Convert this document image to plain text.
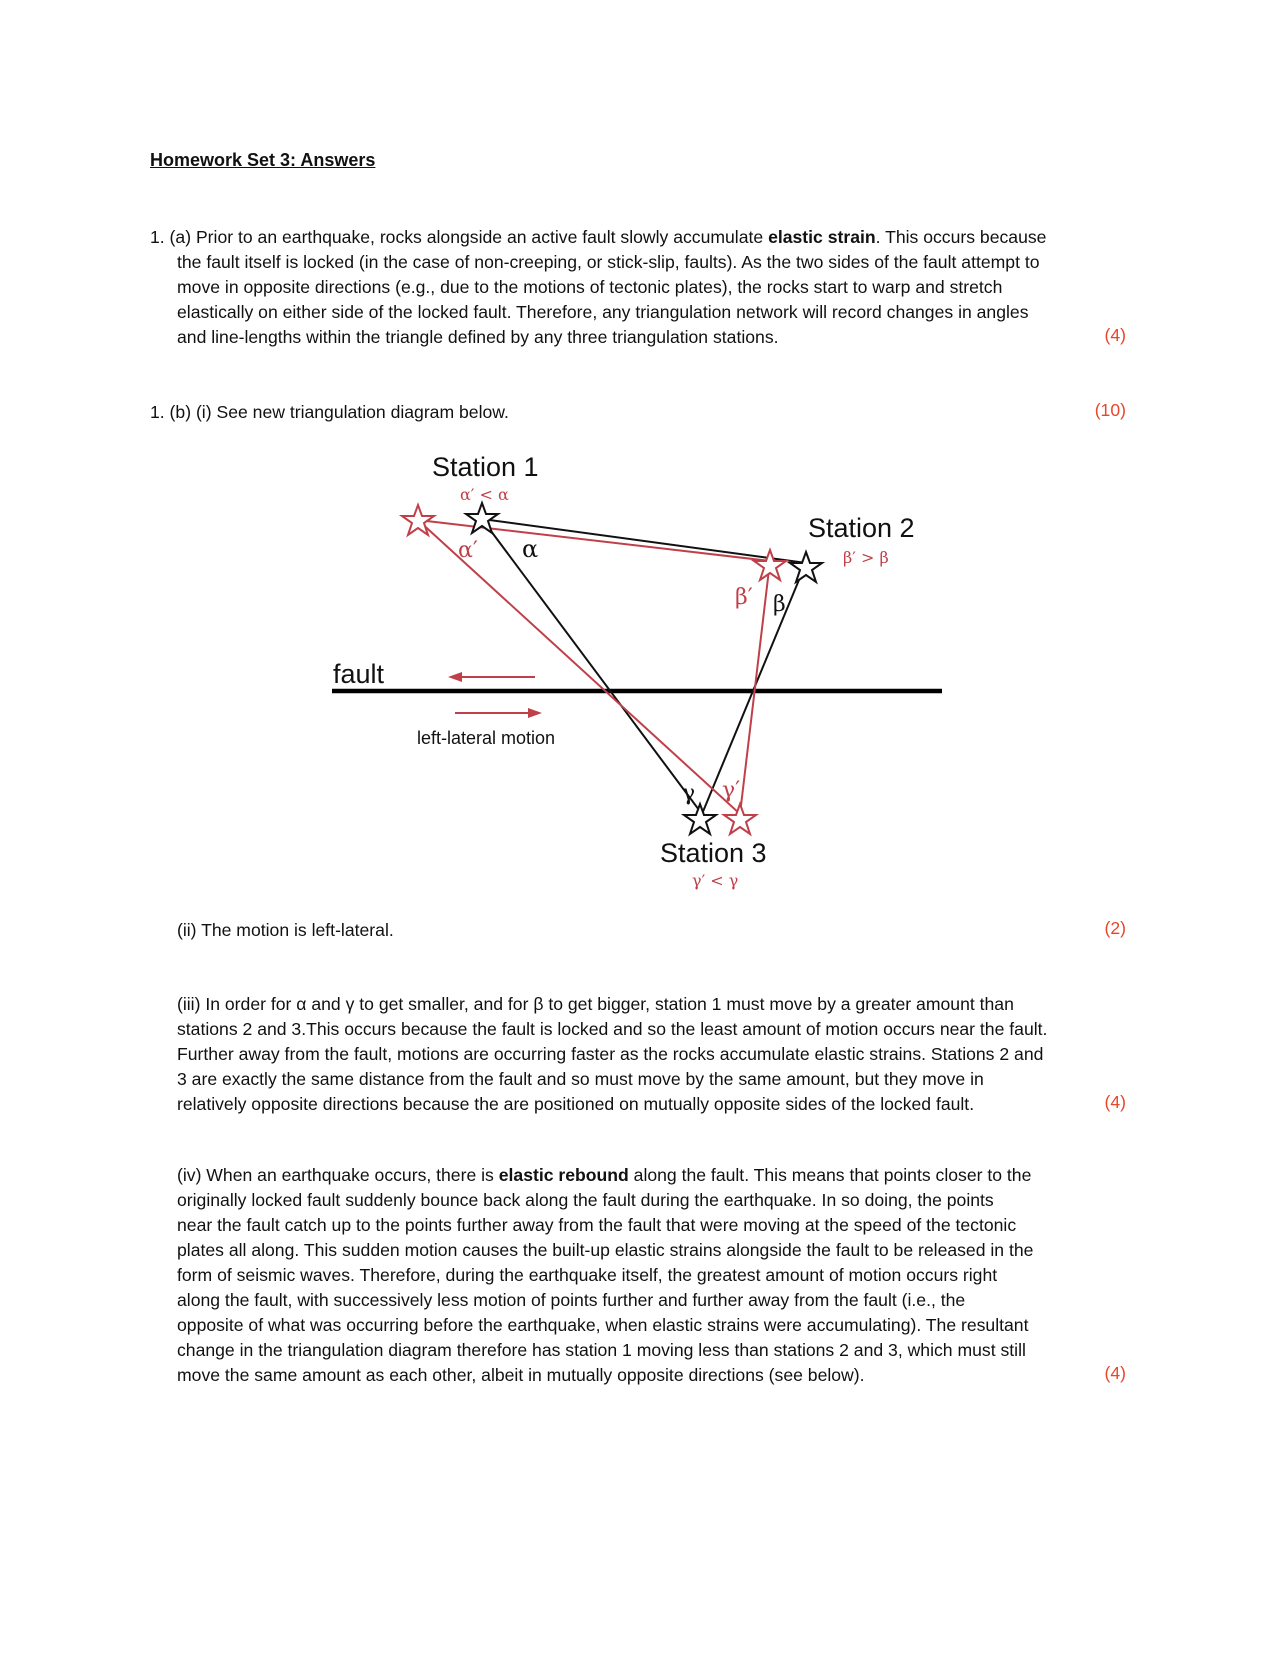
Homework Set 3: Answers
1. (a) Prior to an earthquake, rocks alongside an active fault slowly accumulate elastic strain. This occurs because
the fault itself is locked (in the case of non-creeping, or stick-slip, faults). As the two sides of the fault attempt to
move in opposite directions (e.g., due to the motions of tectonic plates), the rocks start to warp and stretch
elastically on either side of the locked fault. Therefore, any triangulation network will record changes in angles
and line-lengths within the triangle defined by any three triangulation stations.	(4)
1. (b) (i) See new triangulation diagram below.	(10)
Station 1
α′ < α
Station 2
β′ > β
Station 3
γ′ < γ
fault
left-lateral motion
α
α′
β
β′
γ γ′
(ii) The motion is left-lateral.	(2)
(iii) In order for α and γ to get smaller, and for β to get bigger, station 1 must move by a greater amount than
stations 2 and 3.This occurs because the fault is locked and so the least amount of motion occurs near the fault.
Further away from the fault, motions are occurring faster as the rocks accumulate elastic strains. Stations 2 and
3 are exactly the same distance from the fault and so must move by the same amount, but they move in
relatively opposite directions because the are positioned on mutually opposite sides of the locked fault.	(4)
(iv) When an earthquake occurs, there is elastic rebound along the fault. This means that points closer to the
originally locked fault suddenly bounce back along the fault during the earthquake. In so doing, the points
near the fault catch up to the points further away from the fault that were moving at the speed of the tectonic
plates all along. This sudden motion causes the built-up elastic strains alongside the fault to be released in the
form of seismic waves. Therefore, during the earthquake itself, the greatest amount of motion occurs right
along the fault, with successively less motion of points further and further away from the fault (i.e., the
opposite of what was occurring before the earthquake, when elastic strains were accumulating). The resultant
change in the triangulation diagram therefore has station 1 moving less than stations 2 and 3, which must still
move the same amount as each other, albeit in mutually opposite directions (see below).	(4)
